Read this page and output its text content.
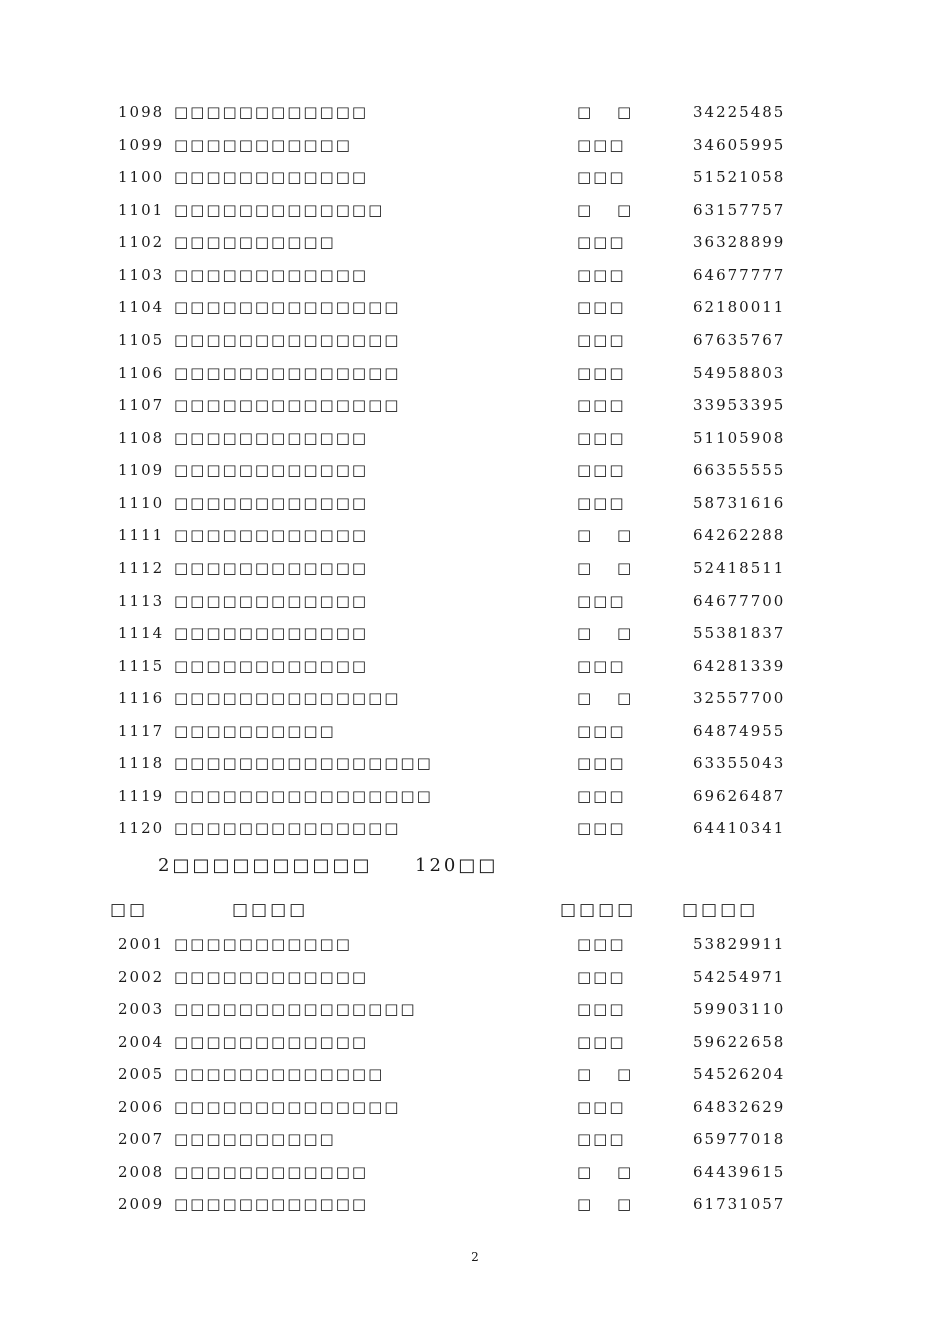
1098 □□□□□□□□□□□□	□　 □	34225485
1099 □□□□□□□□□□□	□□□	34605995
1100 □□□□□□□□□□□□	□□□	51521058
1101 □□□□□□□□□□□□□	□　 □	63157757
1102 □□□□□□□□□□	□□□	36328899
1103 □□□□□□□□□□□□	□□□	64677777
1104 □□□□□□□□□□□□□□	□□□	62180011
1105 □□□□□□□□□□□□□□	□□□	67635767
1106 □□□□□□□□□□□□□□	□□□	54958803
1107 □□□□□□□□□□□□□□	□□□	33953395
1108 □□□□□□□□□□□□	□□□	51105908
1109 □□□□□□□□□□□□	□□□	66355555
1110 □□□□□□□□□□□□	□□□	58731616
1111 □□□□□□□□□□□□	□　 □	64262288
1112 □□□□□□□□□□□□	□　 □	52418511
1113 □□□□□□□□□□□□	□□□	64677700
1114 □□□□□□□□□□□□	□　 □	55381837
1115 □□□□□□□□□□□□	□□□	64281339
1116 □□□□□□□□□□□□□□	□　 □	32557700
1117 □□□□□□□□□□	□□□	64874955
1118 □□□□□□□□□□□□□□□□	□□□	63355043
1119 □□□□□□□□□□□□□□□□	□□□	69626487
1120 □□□□□□□□□□□□□□	□□□	64410341
2□□□□□□□□□□ 120□□
□□	□□□□	□□□□	□□□□
2001 □□□□□□□□□□□	□□□	53829911
2002 □□□□□□□□□□□□	□□□	54254971
2003 □□□□□□□□□□□□□□□	□□□	59903110
2004 □□□□□□□□□□□□	□□□	59622658
2005 □□□□□□□□□□□□□	□　 □	54526204
2006 □□□□□□□□□□□□□□	□□□	64832629
2007 □□□□□□□□□□	□□□	65977018
2008 □□□□□□□□□□□□	□　 □	64439615
2009 □□□□□□□□□□□□	□　 □	61731057
2
